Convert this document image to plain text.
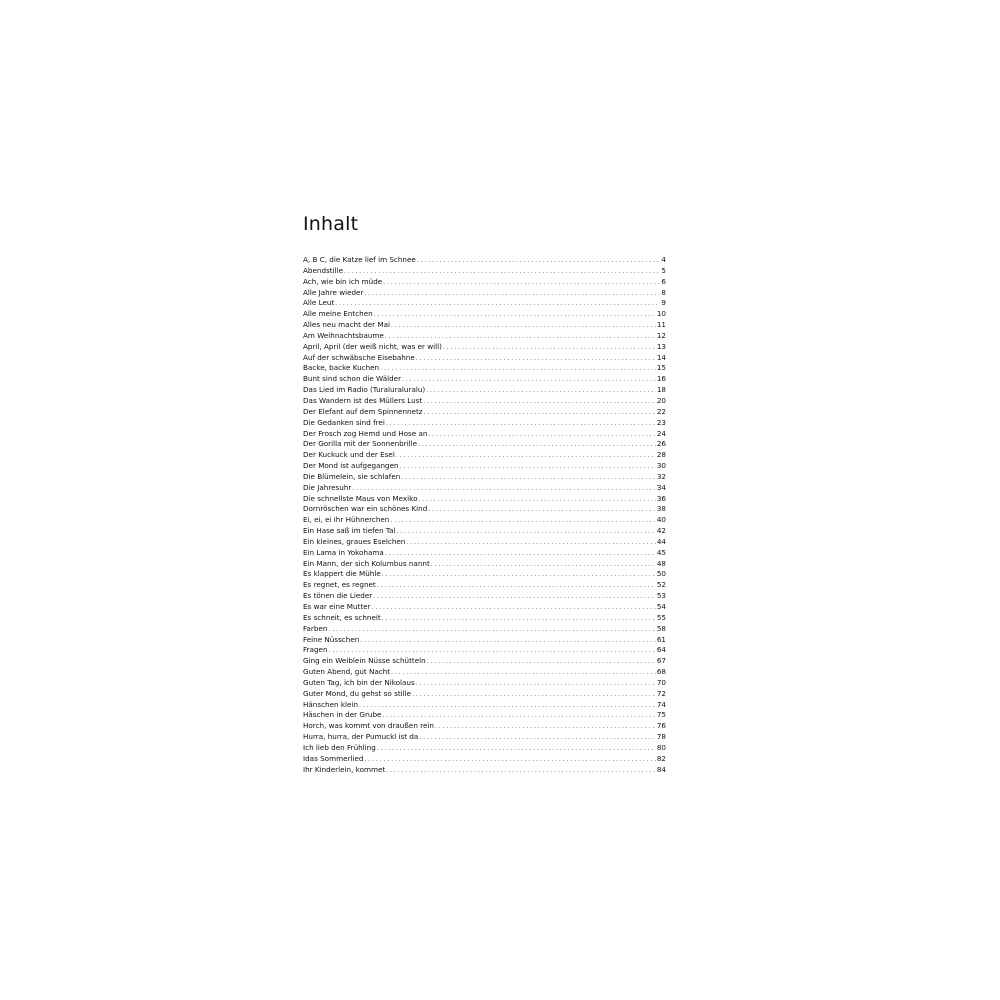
Inhalt
A, B C, die Katze lief im Schnee . . .	4
Abendstille . . .	5
Ach, wie bin ich müde . . .	6
Alle Jahre wieder . . .	8
Alle Leut . . .	9
Alle meine Entchen . . .	10
Alles neu macht der Mai . . .	11
Am Weihnachtsbaume . . .	12
April, April (der weiß nicht, was er will) . . .	13
Auf der schwäbsche Eisebahne . . .	14
Backe, backe Kuchen . . .	15
Bunt sind schon die Wälder . . .	16
Das Lied im Radio (Turaluraluralu) . . .	18
Das Wandern ist des Müllers Lust . . .	20
Der Elefant auf dem Spinnennetz . . .	22
Die Gedanken sind frei . . .	23
Der Frosch zog Hemd und Hose an . . .	24
Der Gorilla mit der Sonnenbrille . . .	26
Der Kuckuck und der Esel . . .	28
Der Mond ist aufgegangen . . .	30
Die Blümelein, sie schlafen . . .	32
Die Jahresuhr . . .	34
Die schnellste Maus von Mexiko . . .	36
Dornröschen war ein schönes Kind . . .	38
Ei, ei, ei ihr Hühnerchen . . .	40
Ein Hase saß im tiefen Tal . . .	42
Ein kleines, graues Eselchen . . .	44
Ein Lama in Yokohama . . .	45
Ein Mann, der sich Kolumbus nannt . . .	48
Es klappert die Mühle . . .	50
Es regnet, es regnet . . .	52
Es tönen die Lieder . . .	53
Es war eine Mutter . . .	54
Es schneit, es schneit . . .	55
Farben . . .	58
Feine Nüsschen . . .	61
Fragen . . .	64
Ging ein Weiblein Nüsse schütteln . . .	67
Guten Abend, gut Nacht . . .	68
Guten Tag, ich bin der Nikolaus . . .	70
Guter Mond, du gehst so stille . . .	72
Hänschen klein . . .	74
Häschen in der Grube . . .	75
Horch, was kommt von draußen rein . . .	76
Hurra, hurra, der Pumuckl ist da . . .	78
Ich lieb den Frühling . . .	80
Idas Sommerlied . . .	82
Ihr Kinderlein, kommet . . .	84
